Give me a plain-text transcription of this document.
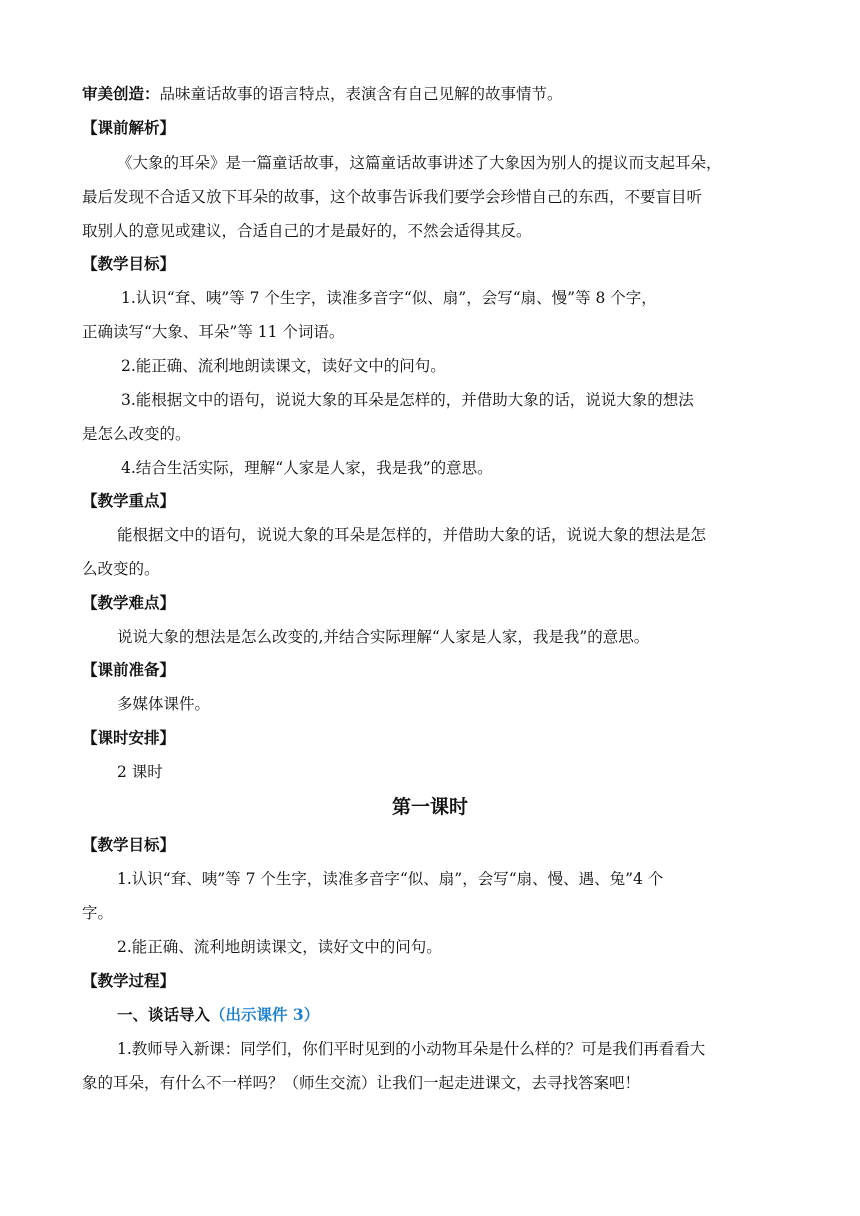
审美创造：品味童话故事的语言特点，表演含有自己见解的故事情节。
【课前解析】
《大象的耳朵》是一篇童话故事，这篇童话故事讲述了大象因为别人的提议而支起耳朵，
最后发现不合适又放下耳朵的故事，这个故事告诉我们要学会珍惜自己的东西，不要盲目听
取别人的意见或建议，合适自己的才是最好的，不然会适得其反。
【教学目标】
1.认识“耷、咦”等 7 个生字，读准多音字“似、扇”，会写“扇、慢”等 8 个字，
正确读写“大象、耳朵”等 11 个词语。
2.能正确、流利地朗读课文，读好文中的问句。
3.能根据文中的语句，说说大象的耳朵是怎样的，并借助大象的话，说说大象的想法
是怎么改变的。
4.结合生活实际，理解“人家是人家，我是我”的意思。
【教学重点】
能根据文中的语句，说说大象的耳朵是怎样的，并借助大象的话，说说大象的想法是怎
么改变的。
【教学难点】
说说大象的想法是怎么改变的,并结合实际理解“人家是人家，我是我”的意思。
【课前准备】
多媒体课件。
【课时安排】
2 课时
第一课时
【教学目标】
1.认识“耷、咦”等 7 个生字，读准多音字“似、扇”，会写“扇、慢、遇、兔”4 个
字。
2.能正确、流利地朗读课文，读好文中的问句。
【教学过程】
一、谈话导入（出示课件 3）
1.教师导入新课：同学们，你们平时见到的小动物耳朵是什么样的？可是我们再看看大
象的耳朵，有什么不一样吗？（师生交流）让我们一起走进课文，去寻找答案吧！
